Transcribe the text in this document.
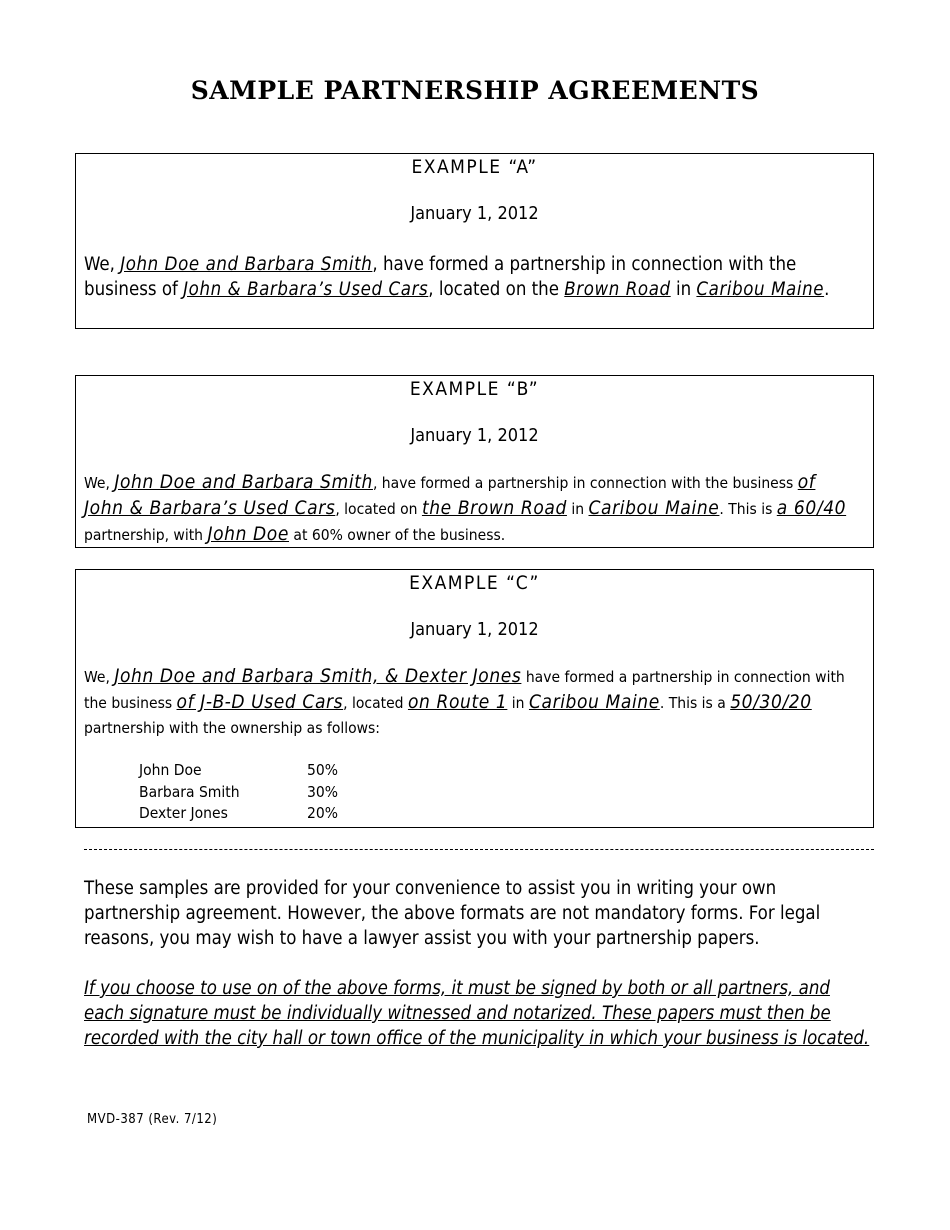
SAMPLE PARTNERSHIP AGREEMENTS
EXAMPLE “A”
January 1, 2012

We, John Doe and Barbara Smith, have formed a partnership in connection with the business of John & Barbara’s Used Cars, located on the Brown Road in Caribou Maine.

EXAMPLE “B”
January 1, 2012

We, John Doe and Barbara Smith, have formed a partnership in connection with the business of John & Barbara’s Used Cars, located on the Brown Road in Caribou Maine. This is a 60/40 partnership, with John Doe at 60% owner of the business.

EXAMPLE “C”
January 1, 2012

We, John Doe and Barbara Smith, & Dexter Jones have formed a partnership in connection with the business of J-B-D Used Cars, located on Route 1 in Caribou Maine. This is a 50/30/20 partnership with the ownership as follows:

John Doe	50%
Barbara Smith	30%
Dexter Jones	20%

These samples are provided for your convenience to assist you in writing your own partnership agreement. However, the above formats are not mandatory forms. For legal reasons, you may wish to have a lawyer assist you with your partnership papers.

If you choose to use on of the above forms, it must be signed by both or all partners, and each signature must be individually witnessed and notarized. These papers must then be recorded with the city hall or town office of the municipality in which your business is located.

MVD-387 (Rev. 7/12)
